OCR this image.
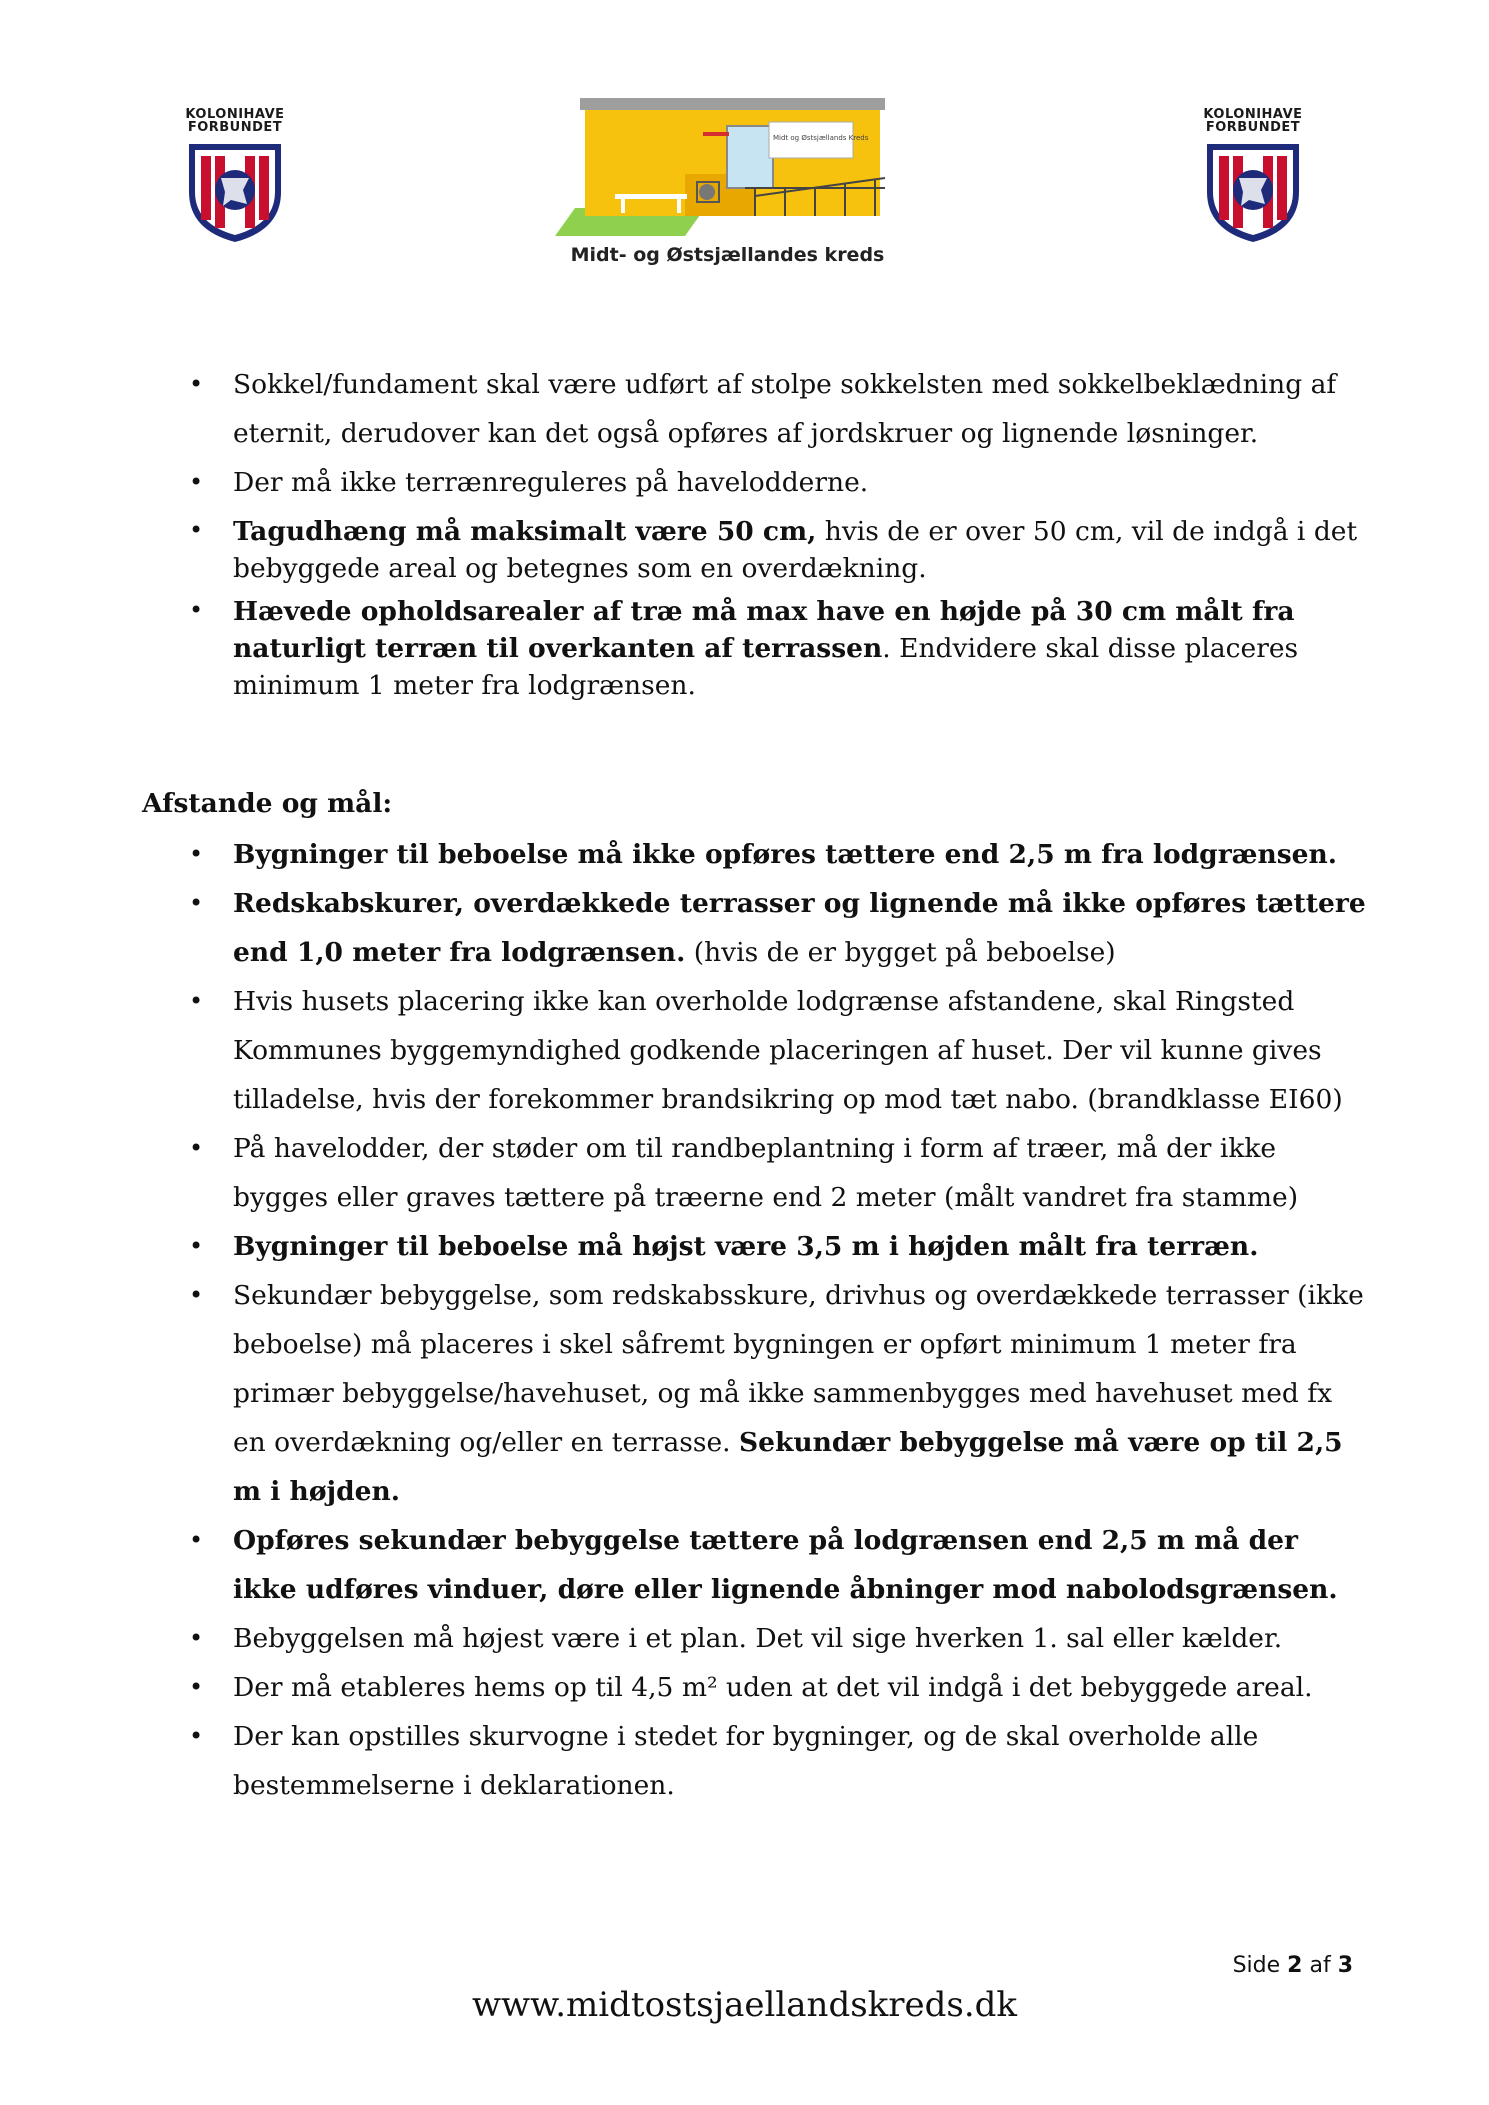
KOLONIHAVE
FORBUNDET
Midt og Østsjællands Kreds
Midt- og Østsjællandes kreds
KOLONIHAVE
FORBUNDET
• Sokkel/fundament skal være udført af stolpe sokkelsten med sokkelbeklædning af eternit, derudover kan det også opføres af jordskruer og lignende løsninger.
• Der må ikke terrænreguleres på havelodderne.
• Tagudhæng må maksimalt være 50 cm, hvis de er over 50 cm, vil de indgå i det bebyggede areal og betegnes som en overdækning.
• Hævede opholdsarealer af træ må max have en højde på 30 cm målt fra naturligt terræn til overkanten af terrassen. Endvidere skal disse placeres minimum 1 meter fra lodgrænsen.
Afstande og mål:
• Bygninger til beboelse må ikke opføres tættere end 2,5 m fra lodgrænsen.
• Redskabskurer, overdækkede terrasser og lignende må ikke opføres tættere end 1,0 meter fra lodgrænsen. (hvis de er bygget på beboelse)
• Hvis husets placering ikke kan overholde lodgrænse afstandene, skal Ringsted Kommunes byggemyndighed godkende placeringen af huset. Der vil kunne gives tilladelse, hvis der forekommer brandsikring op mod tæt nabo. (brandklasse EI60)
• På havelodder, der støder om til randbeplantning i form af træer, må der ikke bygges eller graves tættere på træerne end 2 meter (målt vandret fra stamme)
• Bygninger til beboelse må højst være 3,5 m i højden målt fra terræn.
• Sekundær bebyggelse, som redskabsskure, drivhus og overdækkede terrasser (ikke beboelse) må placeres i skel såfremt bygningen er opført minimum 1 meter fra primær bebyggelse/havehuset, og må ikke sammenbygges med havehuset med fx en overdækning og/eller en terrasse. Sekundær bebyggelse må være op til 2,5 m i højden.
• Opføres sekundær bebyggelse tættere på lodgrænsen end 2,5 m må der ikke udføres vinduer, døre eller lignende åbninger mod nabolodsgrænsen.
• Bebyggelsen må højest være i et plan. Det vil sige hverken 1. sal eller kælder.
• Der må etableres hems op til 4,5 m² uden at det vil indgå i det bebyggede areal.
• Der kan opstilles skurvogne i stedet for bygninger, og de skal overholde alle bestemmelserne i deklarationen.
Side 2 af 3
www.midtostsjaellandskreds.dk
